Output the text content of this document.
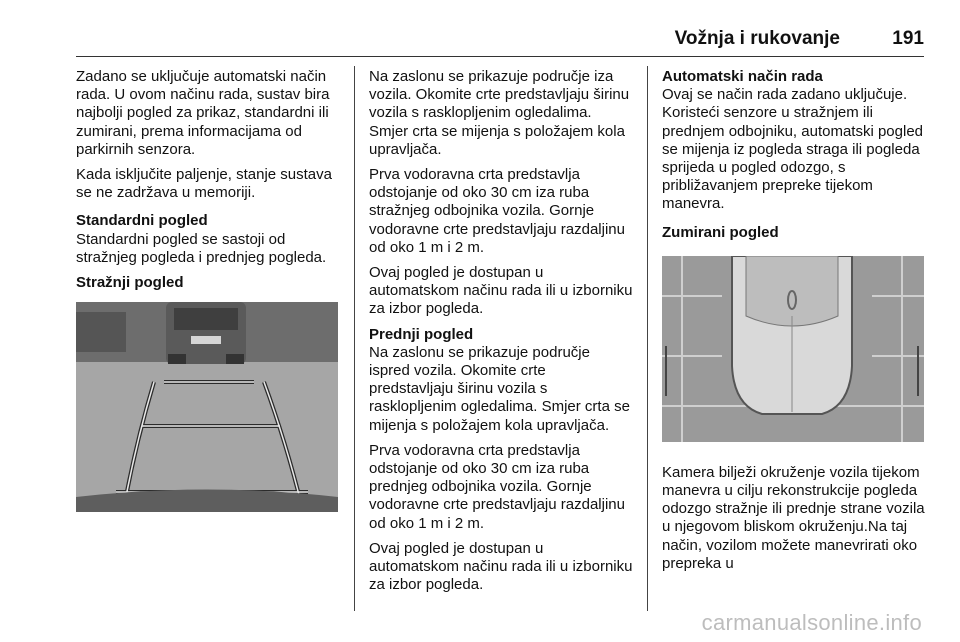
Vožnja i rukovanje	191

Zadano se uključuje automatski način rada. U ovom načinu rada, sustav bira najbolji pogled za prikaz, standardni ili zumirani, prema informacijama od parkirnih senzora.

Kada isključite paljenje, stanje sustava se ne zadržava u memoriji.

Standardni pogled

Standardni pogled se sastoji od stražnjeg pogleda i prednjeg pogleda.

Stražnji pogled

Na zaslonu se prikazuje područje iza vozila. Okomite crte predstavljaju širinu vozila s rasklopljenim ogledalima. Smjer crta se mijenja s položajem kola upravljača.

Prva vodoravna crta predstavlja odstojanje od oko 30 cm iza ruba stražnjeg odbojnika vozila. Gornje vodoravne crte predstavljaju razdaljinu od oko 1 m i 2 m.

Ovaj pogled je dostupan u automatskom načinu rada ili u izborniku za izbor pogleda.

Prednji pogled

Na zaslonu se prikazuje područje ispred vozila. Okomite crte predstavljaju širinu vozila s rasklopljenim ogledalima. Smjer crta se mijenja s položajem kola upravljača.

Prva vodoravna crta predstavlja odstojanje od oko 30 cm iza ruba prednjeg odbojnika vozila. Gornje vodoravne crte predstavljaju razdaljinu od oko 1 m i 2 m.

Ovaj pogled je dostupan u automatskom načinu rada ili u izborniku za izbor pogleda.

Automatski način rada

Ovaj se način rada zadano uključuje. Koristeći senzore u stražnjem ili prednjem odbojniku, automatski pogled se mijenja iz pogleda straga ili pogleda sprijeda u pogled odozgo, s približavanjem prepreke tijekom manevra.

Zumirani pogled

Kamera bilježi okruženje vozila tijekom manevra u cilju rekonstrukcije pogleda odozgo stražnje ili prednje strane vozila u njegovom bliskom okruženju.Na taj način, vozilom možete manevrirati oko prepreka u

carmanualsonline.info
